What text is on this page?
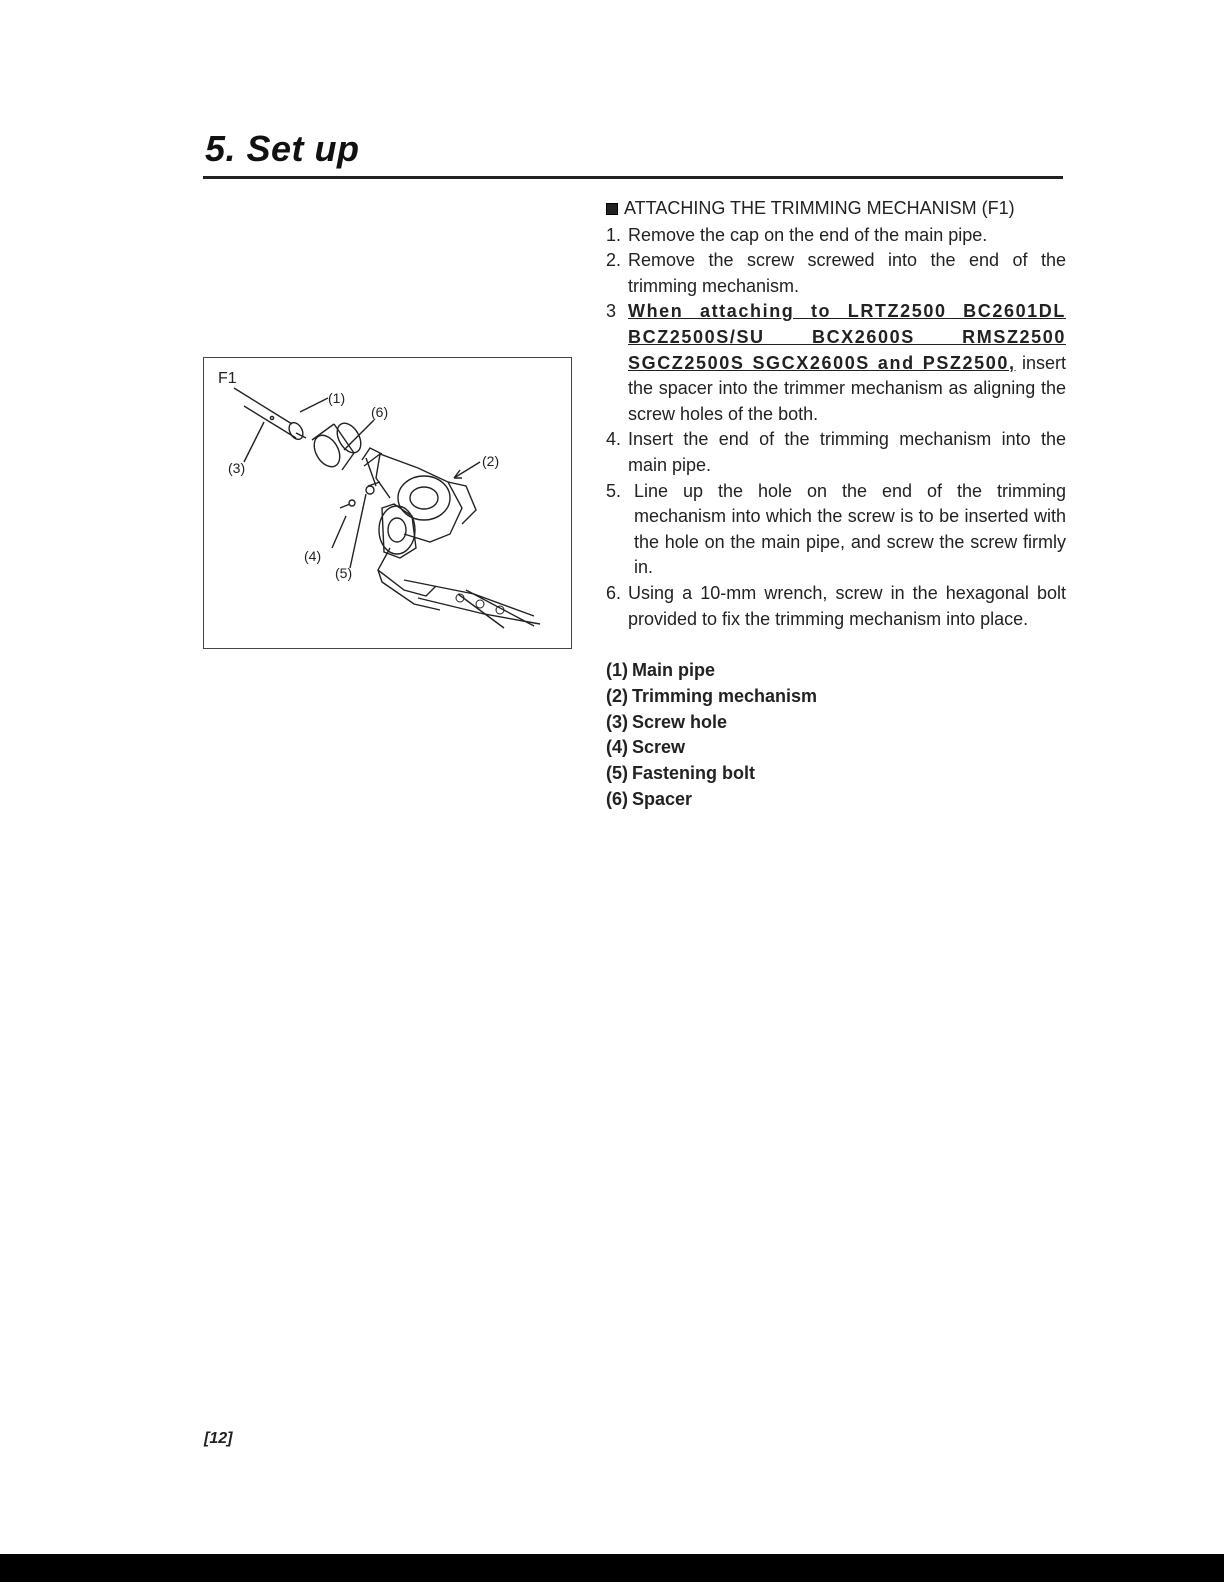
5. Set up
F1
(1)
(6)
(2)
(3)
(4)
(5)
ATTACHING THE TRIMMING MECHANISM (F1)
1. Remove the cap on the end of the main pipe.
2. Remove the screw screwed into the end of the trimming mechanism.
3 When attaching to LRTZ2500 BC2601DL BCZ2500S/SU BCX2600S RMSZ2500 SGCZ2500S SGCX2600S and PSZ2500, insert the spacer into the trimmer mechanism as aligning the screw holes of the both.
4. Insert the end of the trimming mechanism into the main pipe.
5. Line up the hole on the end of the trimming mechanism into which the screw is to be inserted with the hole on the main pipe, and screw the screw firmly in.
6. Using a 10-mm wrench, screw in the hexagonal bolt provided to fix the trimming mechanism into place.
(1) Main pipe
(2) Trimming mechanism
(3) Screw hole
(4) Screw
(5) Fastening bolt
(6) Spacer
[12]
